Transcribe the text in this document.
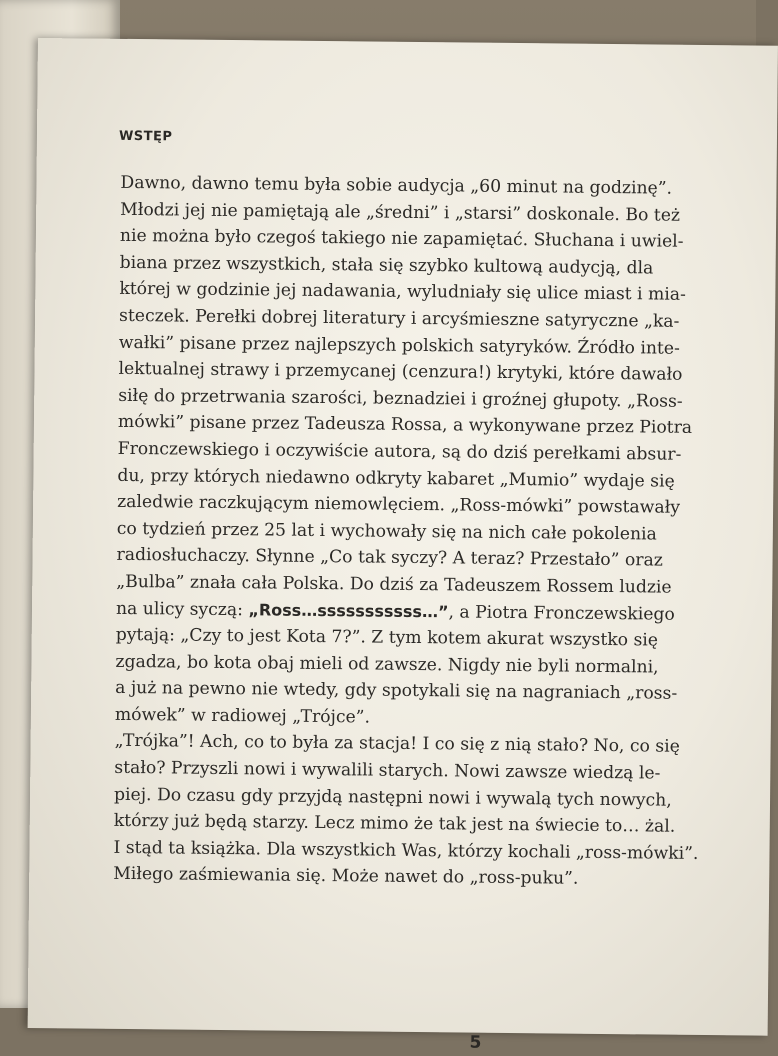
WSTĘP

Dawno, dawno temu była sobie audycja „60 minut na godzinę”.
Młodzi jej nie pamiętają ale „średni” i „starsi” doskonale. Bo też
nie można było czegoś takiego nie zapamiętać. Słuchana i uwiel-
biana przez wszystkich, stała się szybko kultową audycją, dla
której w godzinie jej nadawania, wyludniały się ulice miast i mia-
steczek. Perełki dobrej literatury i arcyśmieszne satyryczne „ka-
wałki” pisane przez najlepszych polskich satyryków. Źródło inte-
lektualnej strawy i przemycanej (cenzura!) krytyki, które dawało
siłę do przetrwania szarości, beznadziei i groźnej głupoty. „Ross-
mówki” pisane przez Tadeusza Rossa, a wykonywane przez Piotra
Fronczewskiego i oczywiście autora, są do dziś perełkami absur-
du, przy których niedawno odkryty kabaret „Mumio” wydaje się
zaledwie raczkującym niemowlęciem. „Ross-mówki” powstawały
co tydzień przez 25 lat i wychowały się na nich całe pokolenia
radiosłuchaczy. Słynne „Co tak syczy? A teraz? Przestało” oraz
„Bulba” znała cała Polska. Do dziś za Tadeuszem Rossem ludzie
na ulicy syczą: „Ross…sssssssssss…”, a Piotra Fronczewskiego
pytają: „Czy to jest Kota 7?”. Z tym kotem akurat wszystko się
zgadza, bo kota obaj mieli od zawsze. Nigdy nie byli normalni,
a już na pewno nie wtedy, gdy spotykali się na nagraniach „ross-
mówek” w radiowej „Trójce”.

„Trójka”! Ach, co to była za stacja! I co się z nią stało? No, co się
stało? Przyszli nowi i wywalili starych. Nowi zawsze wiedzą le-
piej. Do czasu gdy przyjdą następni nowi i wywalą tych nowych,
którzy już będą starzy. Lecz mimo że tak jest na świecie to… żal.
I stąd ta książka. Dla wszystkich Was, którzy kochali „ross-mówki”.
Miłego zaśmiewania się. Może nawet do „ross-puku”.

5
